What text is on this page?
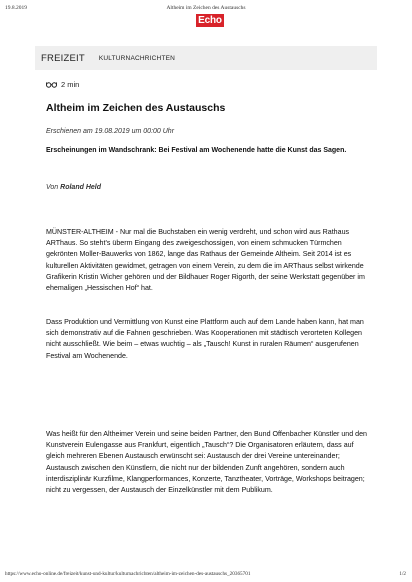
19.8.2019	Altheim im Zeichen des Austauschs
Echo
FREIZEIT KULTURNACHRICHTEN
2 min
Altheim im Zeichen des Austauschs
Erschienen am 19.08.2019 um 00:00 Uhr
Erscheinungen im Wandschrank: Bei Festival am Wochenende hatte die Kunst das Sagen.
Von Roland Held
MÜNSTER-ALTHEIM - Nur mal die Buchstaben ein wenig verdreht, und schon wird aus Rathaus ARThaus. So steht’s überm Eingang des zweigeschossigen, von einem schmucken Türmchen gekrönten Moller-Bauwerks von 1862, lange das Rathaus der Gemeinde Altheim. Seit 2014 ist es kulturellen Aktivitäten gewidmet, getragen von einem Verein, zu dem die im ARThaus selbst wirkende Grafikerin Kristin Wicher gehören und der Bildhauer Roger Rigorth, der seine Werkstatt gegenüber im ehemaligen „Hessischen Hof“ hat.
Dass Produktion und Vermittlung von Kunst eine Plattform auch auf dem Lande haben kann, hat man sich demonstrativ auf die Fahnen geschrieben. Was Kooperationen mit städtisch verorteten Kollegen nicht ausschließt. Wie beim – etwas wuchtig – als „Tausch! Kunst in ruralen Räumen“ ausgerufenen Festival am Wochenende.
Was heißt für den Altheimer Verein und seine beiden Partner, den Bund Offenbacher Künstler und den Kunstverein Eulengasse aus Frankfurt, eigentlich „Tausch“? Die Organisatoren erläutern, dass auf gleich mehreren Ebenen Austausch erwünscht sei: Austausch der drei Vereine untereinander; Austausch zwischen den Künstlern, die nicht nur der bildenden Zunft angehören, sondern auch interdisziplinär Kurzfilme, Klangperformances, Konzerte, Tanztheater, Vorträge, Workshops beitragen; nicht zu vergessen, der Austausch der Einzelkünstler mit dem Publikum.
https://www.echo-online.de/freizeit/kunst-und-kultur/kulturnachrichten/altheim-im-zeichen-des-austauschs_20365701	1/2
